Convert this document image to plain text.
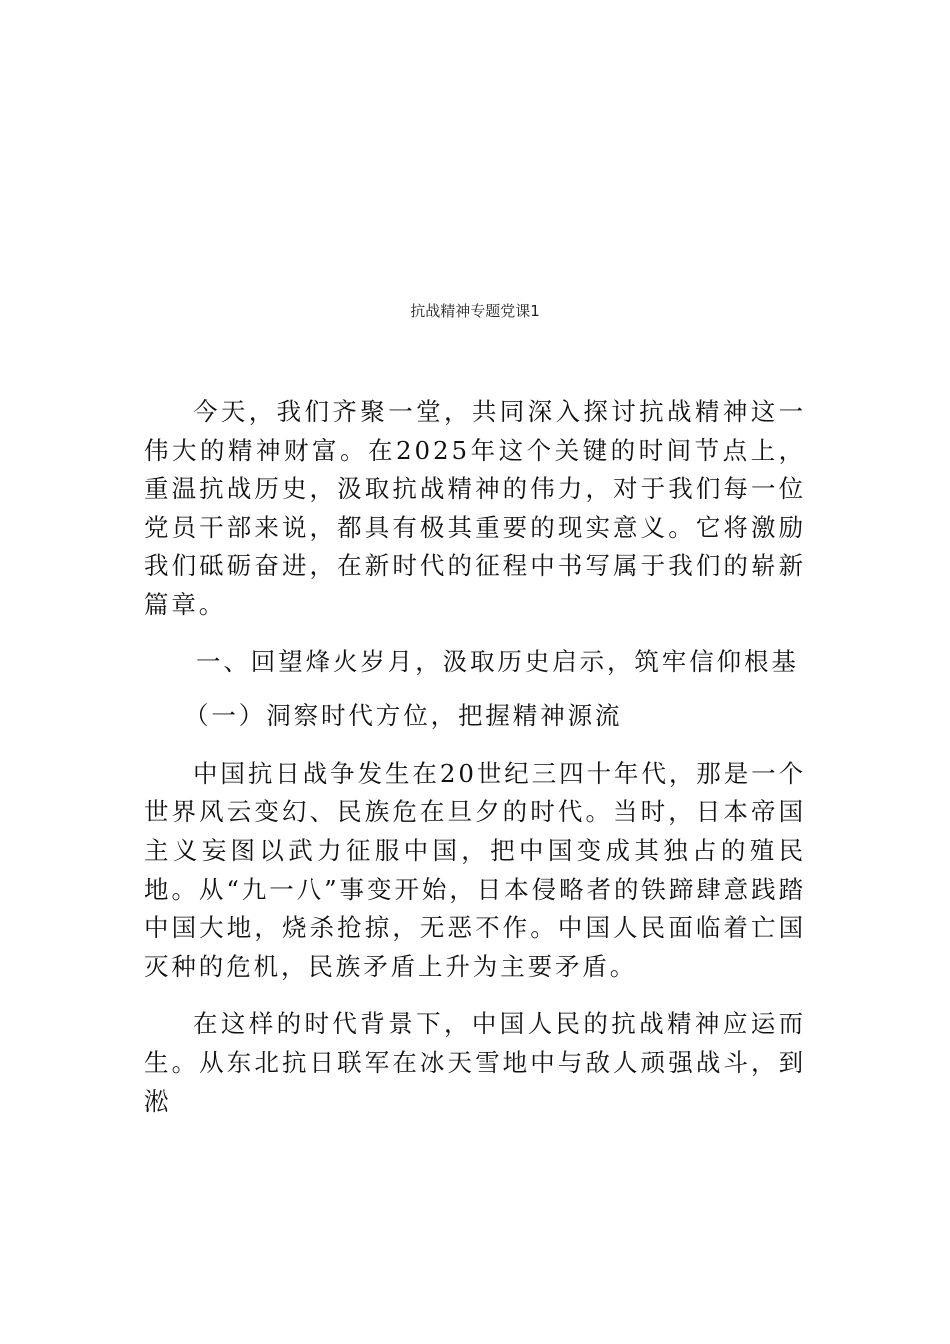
抗战精神专题党课1

今天，我们齐聚一堂，共同深入探讨抗战精神这一伟大的精神财富。在2025年这个关键的时间节点上，重温抗战历史，汲取抗战精神的伟力，对于我们每一位党员干部来说，都具有极其重要的现实意义。它将激励我们砥砺奋进，在新时代的征程中书写属于我们的崭新篇章。

一、回望烽火岁月，汲取历史启示，筑牢信仰根基

（一）洞察时代方位，把握精神源流

中国抗日战争发生在20世纪三四十年代，那是一个世界风云变幻、民族危在旦夕的时代。当时，日本帝国主义妄图以武力征服中国，把中国变成其独占的殖民地。从“九一八”事变开始，日本侵略者的铁蹄肆意践踏中国大地，烧杀抢掠，无恶不作。中国人民面临着亡国灭种的危机，民族矛盾上升为主要矛盾。

在这样的时代背景下，中国人民的抗战精神应运而生。从东北抗日联军在冰天雪地中与敌人顽强战斗，到淞
